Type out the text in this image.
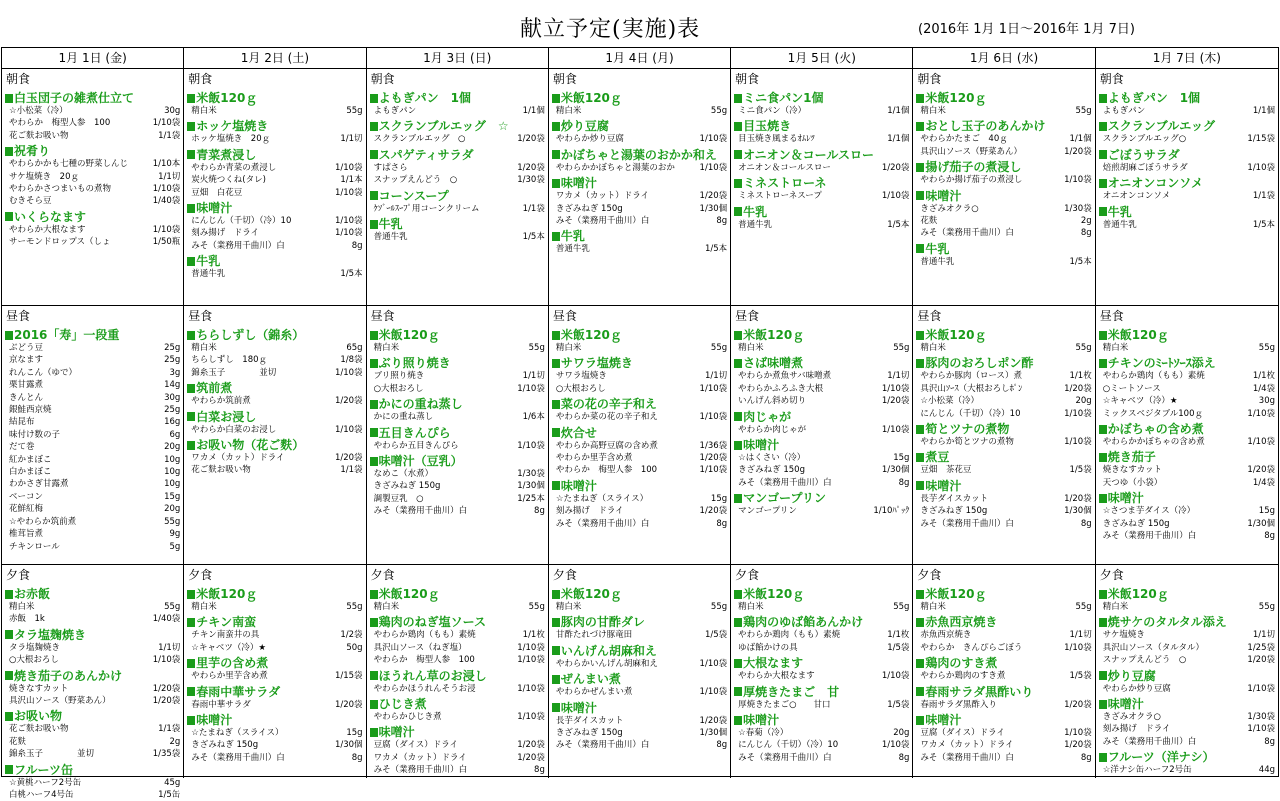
献立予定(実施)表	(2016年 1月 1日～2016年 1月 7日)
1月 1日 (金)	1月 2日 (土)	1月 3日 (日)	1月 4日 (月)	1月 5日 (火)	1月 6日 (水)	1月 7日 (木)
朝食
白玉団子の雑煮仕立て
☆小松菜（冷）	30g
やわらか　梅型人参　100	1/10袋
花ご麩お吸い物	1/1袋
祝肴り
やわらかかも七種の野菜しんじ	1/10本
サケ塩焼き　20ｇ	1/1切
やわらかさつまいもの煮物	1/10袋
むきそら豆	1/40袋
いくらなます
やわらか大根なます	1/10袋
サーモンドロップス（しょ	1/50瓶
朝食
米飯120ｇ
精白米	55g
ホッケ塩焼き
ホッケ塩焼き　20ｇ	1/1切
青菜煮浸し
やわらか青菜の煮浸し	1/10袋
炭火焼つくね(タレ)	1/1本
豆畑　白花豆	1/10袋
味噌汁
にんじん（千切）（冷）10	1/10袋
刻み揚げ　ドライ	1/10袋
みそ（業務用千曲川）白	8g
牛乳
普通牛乳	1/5本
朝食
よもぎパン　1個
よもぎパン	1/1個
スクランブルエッグ　☆
スクランブルエッグ　○	1/20袋
スパゲティサラダ
すぱさら	1/20袋
スナップえんどう　○	1/30袋
コーンスープ
ｹｿﾞｰﾙｽｰﾌﾟ用コーンクリーム	1/1袋
牛乳
普通牛乳	1/5本
朝食
米飯120ｇ
精白米	55g
炒り豆腐
やわらか炒り豆腐	1/10袋
かぼちゃと湯葉のおかか和え
やわらかかぼちゃと湯葉のおか	1/10袋
味噌汁
ワカメ（カット）ドライ	1/20袋
きざみねぎ 150g	1/30個
みそ（業務用千曲川）白	8g
牛乳
普通牛乳	1/5本
朝食
ミニ食パン1個
ミニ食パン（冷）	1/1個
目玉焼き
目玉焼き風まるｵﾑﾚﾂ	1/1個
オニオン＆コールスロー
オニオン＆コールスロー	1/20袋
ミネストローネ
ミネストローネスープ	1/10袋
牛乳
普通牛乳	1/5本
朝食
米飯120ｇ
精白米	55g
おとし玉子のあんかけ
やわらかたまご　40ｇ	1/1個
具沢山ソース（野菜あん）	1/20袋
揚げ茄子の煮浸し
やわらか揚げ茄子の煮浸し	1/10袋
味噌汁
きざみオクラ○	1/30袋
花麩	2g
みそ（業務用千曲川）白	8g
牛乳
普通牛乳	1/5本
朝食
よもぎパン　1個
よもぎパン	1/1個
スクランブルエッグ
スクランブルエッグ○	1/15袋
ごぼうサラダ
焙煎胡麻ごぼうサラダ	1/10袋
オニオンコンソメ
オニオンコンソメ	1/1袋
牛乳
普通牛乳	1/5本
昼食
2016「寿」一段重
ぶどう豆	25g
京なます	25g
れんこん（ゆで）	3g
栗甘露煮	14g
きんとん	30g
銀鮭西京焼	25g
結昆布	16g
味付け数の子	6g
だて巻	20g
紅かまぼこ	10g
白かまぼこ	10g
わかさぎ甘露煮	10g
ベーコン	15g
花鮮紅梅	20g
☆やわらか筑前煮	55g
椎茸旨煮	9g
チキンロール	5g
昼食
ちらしずし（錦糸）
精白米	65g
ちらしずし　180ｇ	1/8袋
錦糸玉子　　　　並切	1/10袋
筑前煮
やわらか筑前煮	1/20袋
白菜お浸し
やわらか白菜のお浸し	1/10袋
お吸い物（花ご麩）
ワカメ（カット）ドライ	1/20袋
花ご麩お吸い物	1/1袋
昼食
米飯120ｇ
精白米	55g
ぶり照り焼き
ブリ照り焼き	1/1切
○大根おろし	1/10袋
かにの重ね蒸し
かにの重ね蒸し	1/6本
五目きんぴら
やわらか五目きんぴら	1/10袋
味噌汁（豆乳）
なめこ（水煮）	1/30袋
きざみねぎ 150g	1/30個
調製豆乳　○	1/25本
みそ（業務用千曲川）白	8g
昼食
米飯120ｇ
精白米	55g
サワラ塩焼き
サワラ塩焼き	1/1切
○大根おろし	1/10袋
菜の花の辛子和え
やわらか菜の花の辛子和え	1/10袋
炊合せ
やわらか高野豆腐の含め煮	1/36袋
やわらか里芋含め煮	1/20袋
やわらか　梅型人参　100	1/10袋
味噌汁
☆たまねぎ（スライス）	15g
刻み揚げ　ドライ	1/20袋
みそ（業務用千曲川）白	8g
昼食
米飯120ｇ
精白米	55g
さば味噌煮
やわらか煮魚サバ味噌煮	1/1切
やわらかふろふき大根	1/10袋
いんげん斜め切り	1/20袋
肉じゃが
やわらか肉じゃが	1/10袋
味噌汁
☆はくさい（冷）	15g
きざみねぎ 150g	1/30個
みそ（業務用千曲川）白	8g
マンゴープリン
マンゴープリン	1/10ﾊﾟｯｸ
昼食
米飯120ｇ
精白米	55g
豚肉のおろしポン酢
やわらか豚肉（ロース）煮	1/1枚
具沢山ｿｰｽ（大根おろしﾎﾟﾝ	1/20袋
☆小松菜（冷）	20g
にんじん（千切）（冷）10	1/10袋
筍とツナの煮物
やわらか筍とツナの煮物	1/10袋
煮豆
豆畑　茶花豆	1/5袋
味噌汁
長芋ダイスカット	1/20袋
きざみねぎ 150g	1/30個
みそ（業務用千曲川）白	8g
昼食
米飯120ｇ
精白米	55g
チキンのﾐｰﾄｿｰｽ添え
やわらか鶏肉（もも）素焼	1/1枚
○ミートソース	1/4袋
☆キャベツ（冷）★	30g
ミックスベジタブル100ｇ	1/10袋
かぼちゃの含め煮
やわらかかぼちゃの含め煮	1/10袋
焼き茄子
焼きなすカット	1/20袋
天つゆ（小袋）	1/4袋
味噌汁
☆さつま芋ダイス（冷）	15g
きざみねぎ 150g	1/30個
みそ（業務用千曲川）白	8g
夕食
お赤飯
精白米	55g
赤飯　1k	1/40袋
タラ塩麹焼き
タラ塩麹焼き	1/1切
○大根おろし	1/10袋
焼き茄子のあんかけ
焼きなすカット	1/20袋
具沢山ソース（野菜あん）	1/20袋
お吸い物
花ご麩お吸い物	1/1袋
花麩	2g
錦糸玉子　　　　並切	1/35袋
フルーツ缶
☆黄桃ハーフ2号缶	45g
白桃ハーフ4号缶	1/5缶
夕食
米飯120ｇ
精白米	55g
チキン南蛮
チキン南蛮井の具	1/2袋
☆キャベツ（冷）★	50g
里芋の含め煮
やわらか里芋含め煮	1/15袋
春雨中華サラダ
春雨中華サラダ	1/20袋
味噌汁
☆たまねぎ（スライス）	15g
きざみねぎ 150g	1/30個
みそ（業務用千曲川）白	8g
夕食
米飯120ｇ
精白米	55g
鶏肉のねぎ塩ソース
やわらか鶏肉（もも）素焼	1/1枚
具沢山ソース（ねぎ塩）	1/10袋
やわらか　梅型人参　100	1/10袋
ほうれん草のお浸し
やわらかほうれんそうお浸	1/10袋
ひじき煮
やわらかひじき煮	1/10袋
味噌汁
豆腐（ダイス）ドライ	1/20袋
ワカメ（カット）ドライ	1/20袋
みそ（業務用千曲川）白	8g
夕食
米飯120ｇ
精白米	55g
豚肉の甘酢ダレ
甘酢たれづけ豚竜田	1/5袋
いんげん胡麻和え
やわらかいんげん胡麻和え	1/10袋
ぜんまい煮
やわらかぜんまい煮	1/10袋
味噌汁
長芋ダイスカット	1/20袋
きざみねぎ 150g	1/30個
みそ（業務用千曲川）白	8g
夕食
米飯120ｇ
精白米	55g
鶏肉のゆば餡あんかけ
やわらか鶏肉（もも）素焼	1/1枚
ゆば餡かけの具	1/5袋
大根なます
やわらか大根なます	1/10袋
厚焼きたまご　甘
厚焼きたまご○　　甘口	1/5袋
味噌汁
☆春菊（冷）	20g
にんじん（千切）（冷）10	1/10袋
みそ（業務用千曲川）白	8g
夕食
米飯120ｇ
精白米	55g
赤魚西京焼き
赤魚西京焼き	1/1切
やわらか　きんぴらごぼう	1/10袋
鶏肉のすき煮
やわらか鶏肉のすき煮	1/5袋
春雨サラダ黒酢いり
春雨サラダ黒酢入り	1/20袋
味噌汁
豆腐（ダイス）ドライ	1/10袋
ワカメ（カット）ドライ	1/20袋
みそ（業務用千曲川）白	8g
夕食
米飯120ｇ
精白米	55g
焼サケのタルタル添え
サケ塩焼き	1/1切
具沢山ソース（タルタル）	1/25袋
スナップえんどう　○	1/20袋
炒り豆腐
やわらか炒り豆腐	1/10袋
味噌汁
きざみオクラ○	1/30袋
刻み揚げ　ドライ	1/10袋
みそ（業務用千曲川）白	8g
フルーツ（洋ナシ）
☆洋ナシ缶ハーフ2号缶	44g
